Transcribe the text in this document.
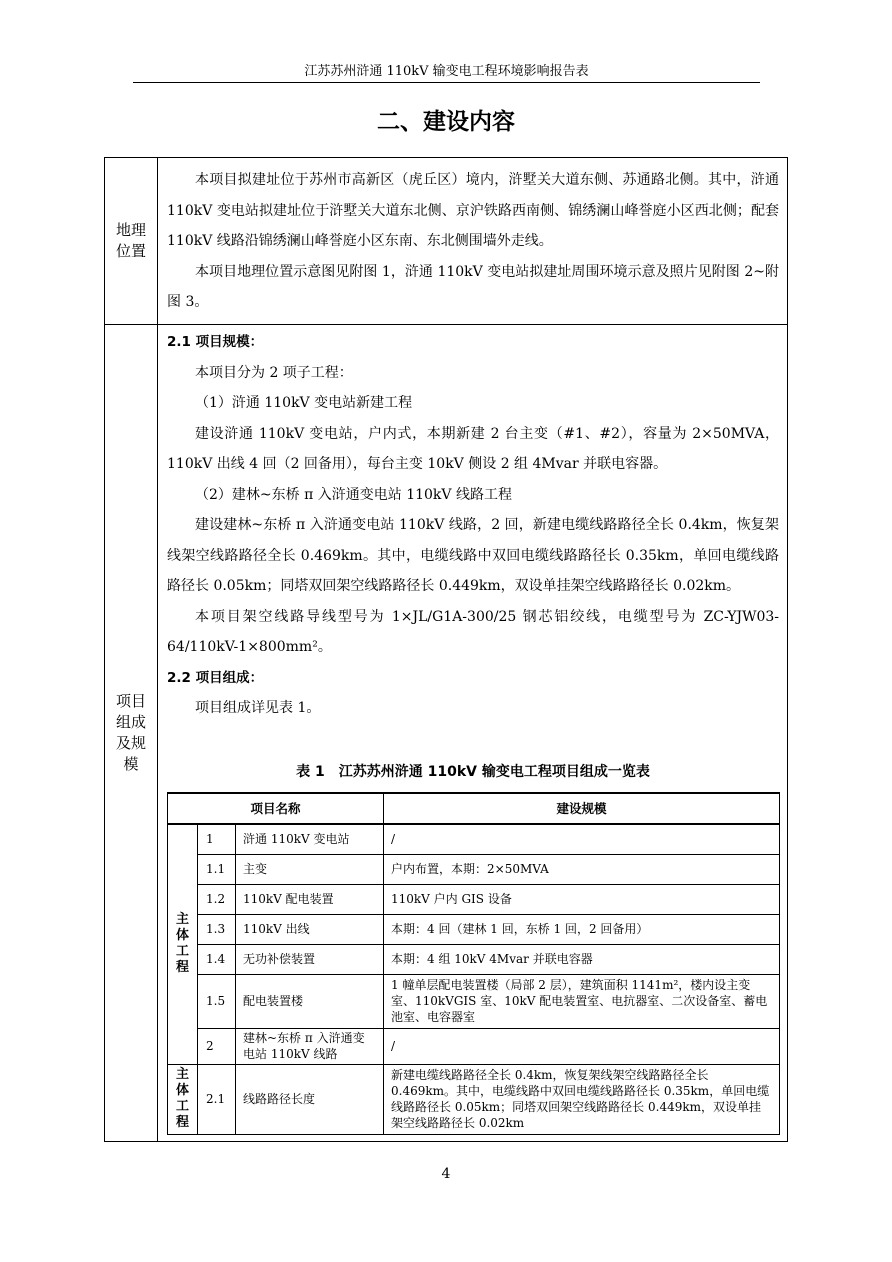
江苏苏州浒通 110kV 输变电工程环境影响报告表
二、建设内容
地理位置

本项目拟建址位于苏州市高新区（虎丘区）境内，浒墅关大道东侧、苏通路北侧。其中，浒通 110kV 变电站拟建址位于浒墅关大道东北侧、京沪铁路西南侧、锦绣澜山峰誉庭小区西北侧；配套 110kV 线路沿锦绣澜山峰誉庭小区东南、东北侧围墙外走线。

本项目地理位置示意图见附图 1，浒通 110kV 变电站拟建址周围环境示意及照片见附图 2~附图 3。

项目组成及规模

2.1 项目规模：

本项目分为 2 项子工程：

（1）浒通 110kV 变电站新建工程

建设浒通 110kV 变电站，户内式，本期新建 2 台主变（#1、#2），容量为 2×50MVA，110kV 出线 4 回（2 回备用），每台主变 10kV 侧设 2 组 4Mvar 并联电容器。

（2）建林~东桥 π 入浒通变电站 110kV 线路工程

建设建林~东桥 π 入浒通变电站 110kV 线路，2 回，新建电缆线路路径全长 0.4km，恢复架线架空线路路径全长 0.469km。其中，电缆线路中双回电缆线路路径长 0.35km，单回电缆线路路径长 0.05km；同塔双回架空线路路径长 0.449km，双设单挂架空线路路径长 0.02km。

本项目架空线路导线型号为 1×JL/G1A-300/25 钢芯铝绞线，电缆型号为 ZC-YJW03-64/110kV-1×800mm²。

2.2 项目组成：

项目组成详见表 1。

表 1　江苏苏州浒通 110kV 输变电工程项目组成一览表
项目名称			建设规模

主体工程	1	浒通 110kV 变电站	/
	1.1	主变	户内布置，本期：2×50MVA
	1.2	110kV 配电装置	110kV 户内 GIS 设备
	1.3	110kV 出线	本期：4 回（建林 1 回，东桥 1 回，2 回备用）
	1.4	无功补偿装置	本期：4 组 10kV 4Mvar 并联电容器
	1.5	配电装置楼	1 幢单层配电装置楼（局部 2 层），建筑面积 1141m²，楼内设主变室、110kVGIS 室、10kV 配电装置室、电抗器室、二次设备室、蓄电池室、电容器室
	2	建林~东桥 π 入浒通变电站 110kV 线路	/

主体工程	2.1	线路路径长度	新建电缆线路路径全长 0.4km，恢复架线架空线路路径全长 0.469km。其中，电缆线路中双回电缆线路路径长 0.35km，单回电缆线路路径长 0.05km；同塔双回架空线路路径长 0.449km，双设单挂架空线路路径长 0.02km
4
